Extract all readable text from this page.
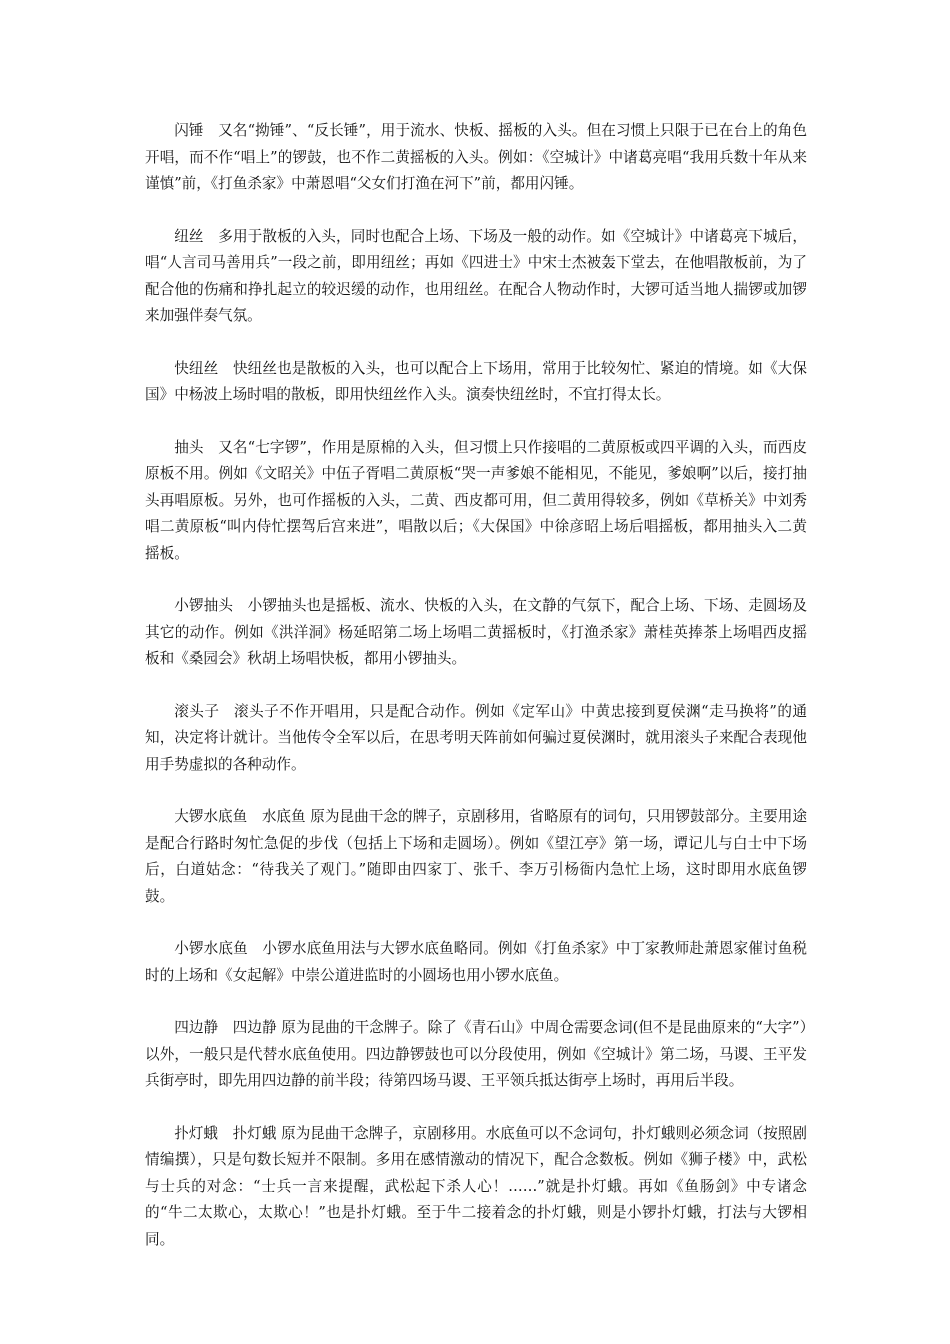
闪锤 又名“拗锤”、“反长锤”，用于流水、快板、摇板的入头。但在习惯上只限于已在台上的角色开唱，而不作“唱上”的锣鼓，也不作二黄摇板的入头。例如：《空城计》中诸葛亮唱“我用兵数十年从来谨慎”前，《打鱼杀家》中萧恩唱“父女们打渔在河下”前，都用闪锤。

纽丝 多用于散板的入头，同时也配合上场、下场及一般的动作。如《空城计》中诸葛亮下城后，唱“人言司马善用兵”一段之前，即用纽丝；再如《四进士》中宋士杰被轰下堂去，在他唱散板前，为了配合他的伤痛和挣扎起立的较迟缓的动作，也用纽丝。在配合人物动作时，大锣可适当地人揣锣或加锣来加强伴奏气氛。

快纽丝 快纽丝也是散板的入头，也可以配合上下场用，常用于比较匆忙、紧迫的情境。如《大保国》中杨波上场时唱的散板，即用快纽丝作入头。演奏快纽丝时，不宜打得太长。

抽头 又名“七字锣”，作用是原棉的入头，但习惯上只作接唱的二黄原板或四平调的入头，而西皮原板不用。例如《文昭关》中伍子胥唱二黄原板“哭一声爹娘不能相见，不能见，爹娘啊”以后，接打抽头再唱原板。另外，也可作摇板的入头，二黄、西皮都可用，但二黄用得较多，例如《草桥关》中刘秀唱二黄原板“叫内侍忙摆驾后宫来进”，唱散以后；《大保国》中徐彦昭上场后唱摇板，都用抽头入二黄摇板。

小锣抽头 小锣抽头也是摇板、流水、快板的入头，在文静的气氛下，配合上场、下场、走圆场及其它的动作。例如《洪洋洞》杨延昭第二场上场唱二黄摇板时，《打渔杀家》萧桂英捧茶上场唱西皮摇板和《桑园会》秋胡上场唱快板，都用小锣抽头。

滚头子 滚头子不作开唱用，只是配合动作。例如《定军山》中黄忠接到夏侯渊“走马换将”的通知，决定将计就计。当他传令全军以后，在思考明天阵前如何骗过夏侯渊时，就用滚头子来配合表现他用手势虚拟的各种动作。

大锣水底鱼 水底鱼 原为昆曲干念的牌子，京剧移用，省略原有的词句，只用锣鼓部分。主要用途是配合行路时匆忙急促的步伐（包括上下场和走圆场）。例如《望江亭》第一场，谭记儿与白士中下场后，白道姑念：“待我关了观门。”随即由四家丁、张千、李万引杨衙内急忙上场，这时即用水底鱼锣鼓。

小锣水底鱼 小锣水底鱼用法与大锣水底鱼略同。例如《打鱼杀家》中丁家教师赴萧恩家催讨鱼税时的上场和《女起解》中崇公道进监时的小圆场也用小锣水底鱼。

四边静 四边静 原为昆曲的干念牌子。除了《青石山》中周仓需要念词(但不是昆曲原来的“大字”）以外，一般只是代替水底鱼使用。四边静锣鼓也可以分段使用，例如《空城计》第二场，马谡、王平发兵街亭时，即先用四边静的前半段；待第四场马谡、王平领兵抵达街亭上场时，再用后半段。

扑灯蛾 扑灯蛾 原为昆曲干念牌子，京剧移用。水底鱼可以不念词句，扑灯蛾则必须念词（按照剧情编撰），只是句数长短并不限制。多用在感情激动的情况下，配合念数板。例如《狮子楼》中，武松与士兵的对念：“士兵一言来提醒，武松起下杀人心！……”就是扑灯蛾。再如《鱼肠剑》中专诸念的“牛二太欺心，太欺心！”也是扑灯蛾。至于牛二接着念的扑灯蛾，则是小锣扑灯蛾，打法与大锣相同。
